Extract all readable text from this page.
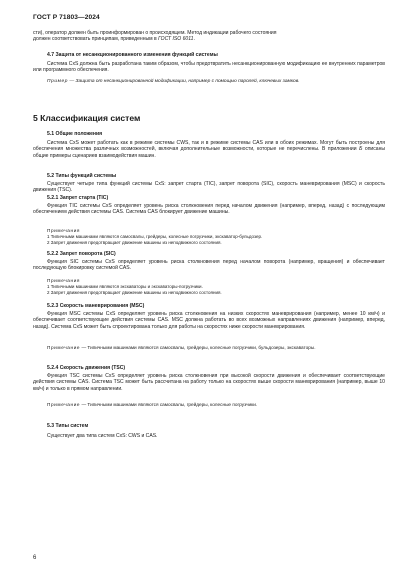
ГОСТ Р 71803—2024

сти), оператор должен быть проинформирован о происходящем. Метод индикации рабочего состояния

должен соответствовать принципам, приведенным в ГОСТ ISO 6011.

4.7 Защита от несанкционированного изменения функций системы

Система CxS должна быть разработана таким образом, чтобы предотвратить несанкционированную модификацию ее внутренних параметров или программного обеспечения.

Пример — Защита от несанкционированной модификации, например с помощью паролей, ключевых замков.

5 Классификация систем
5.1 Общие положения

Система CxS может работать как в режиме системы CWS, так и в режиме системы CAS или в обоих режимах. Могут быть построены для обеспечения множества различных возможностей, включая дополнительные возможности, которые не перечислены. В приложении Б описаны общие примеры сценариев взаимодействия машин.

5.2 Типы функций системы

Существует четыре типа функций системы CxS: запрет старта (TIC), запрет поворота (SIC), скорость маневрирования (MSC) и скорость движения (TSC).

5.2.1 Запрет старта (TIC)

Функция TIC системы CxS определяет уровень риска столкновения перед началом движения (например, вперед, назад) с последующим обеспечением действия системы CAS. Система CAS блокирует движение машины.

Примечания

1 Типичными машинами являются самосвалы, грейдеры, колесные погрузчики, экскаватор-бульдозер.

2 Запрет движения предотвращает движение машины из неподвижного состояния.

5.2.2 Запрет поворота (SIC)

Функция SIC системы CxS определяет уровень риска столкновения перед началом поворота (например, вращения) и обеспечивает последующую блокировку системой CAS.

Примечания

1 Типичными машинами являются экскаваторы и экскаваторы-погрузчики.

2 Запрет движения предотвращает движение машины из неподвижного состояния.

5.2.3 Скорость маневрирования (MSC)

Функция MSC системы CxS определяет уровень риска столкновения на низких скоростях маневрирования (например, менее 10 км/ч) и обеспечивает соответствующие действия системы CAS. MSC должна работать во всех возможных направлениях движения (например, вперед, назад). Система CxS может быть спроектирована только для работы на скоростях ниже скорости маневрирования.

Примечание — Типичными машинами являются самосвалы, грейдеры, колесные погрузчики, бульдозеры, экскаваторы.

5.2.4 Скорость движения (TSC)

Функция TSC системы CxS определяет уровень риска столкновения при высокой скорости движения и обеспечивает соответствующие действия системы CAS. Система TSC может быть рассчитана на работу только на скоростях выше скорости маневрирования (например, выше 10 км/ч) и только в прямом направлении.

Примечание — Типичными машинами являются самосвалы, грейдеры, колесные погрузчики.

5.3 Типы систем

Существует два типа систем CxS: CWS и CAS.

6
